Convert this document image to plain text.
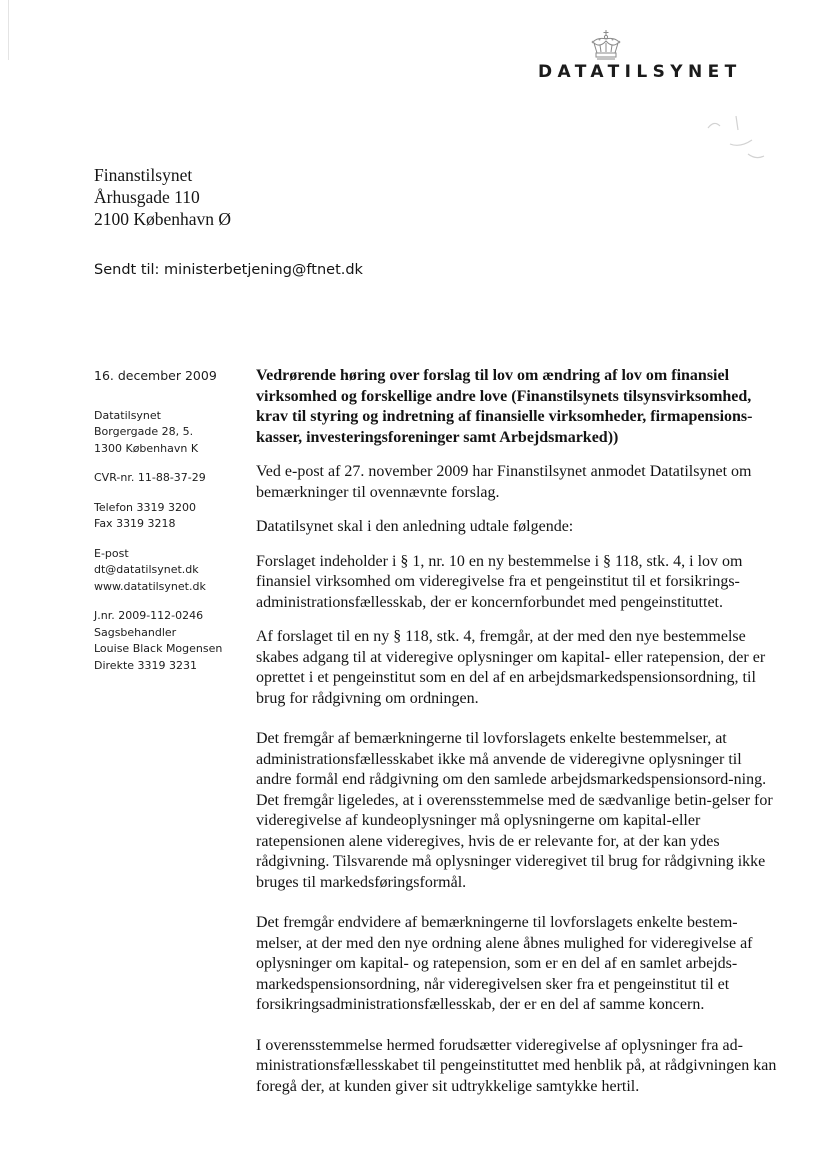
DATATILSYNET
Finanstilsynet
Århusgade 110
2100 København Ø
Sendt til: ministerbetjening@ftnet.dk
16. december 2009
Datatilsynet
Borgergade 28, 5.
1300 København K
CVR-nr. 11-88-37-29
Telefon 3319 3200
Fax 3319 3218
E-post
dt@datatilsynet.dk
www.datatilsynet.dk
J.nr. 2009-112-0246
Sagsbehandler
Louise Black Mogensen
Direkte 3319 3231

Vedrørende høring over forslag til lov om ændring af lov om finansiel virksomhed og forskellige andre love (Finanstilsynets tilsynsvirksomhed, krav til styring og indretning af finansielle virksomheder, firmapensions-kasser, investeringsforeninger samt Arbejdsmarked))

Ved e-post af 27. november 2009 har Finanstilsynet anmodet Datatilsynet om bemærkninger til ovennævnte forslag.

Datatilsynet skal i den anledning udtale følgende:

Forslaget indeholder i § 1, nr. 10 en ny bestemmelse i § 118, stk. 4, i lov om finansiel virksomhed om videregivelse fra et pengeinstitut til et forsikrings-administrationsfællesskab, der er koncernforbundet med pengeinstituttet.

Af forslaget til en ny § 118, stk. 4, fremgår, at der med den nye bestemmelse skabes adgang til at videregive oplysninger om kapital- eller ratepension, der er oprettet i et pengeinstitut som en del af en arbejdsmarkedspensionsordning, til brug for rådgivning om ordningen.

Det fremgår af bemærkningerne til lovforslagets enkelte bestemmelser, at administrationsfællesskabet ikke må anvende de videregivne oplysninger til andre formål end rådgivning om den samlede arbejdsmarkedspensionsord-ning. Det fremgår ligeledes, at i overensstemmelse med de sædvanlige betin-gelser for videregivelse af kundeoplysninger må oplysningerne om kapital-eller ratepensionen alene videregives, hvis de er relevante for, at der kan ydes rådgivning. Tilsvarende må oplysninger videregivet til brug for rådgivning ikke bruges til markedsføringsformål.

Det fremgår endvidere af bemærkningerne til lovforslagets enkelte bestem-melser, at der med den nye ordning alene åbnes mulighed for videregivelse af oplysninger om kapital- og ratepension, som er en del af en samlet arbejds-markedspensionsordning, når videregivelsen sker fra et pengeinstitut til et forsikringsadministrationsfællesskab, der er en del af samme koncern.

I overensstemmelse hermed forudsætter videregivelse af oplysninger fra ad-ministrationsfællesskabet til pengeinstituttet med henblik på, at rådgivningen kan foregå der, at kunden giver sit udtrykkelige samtykke hertil.
